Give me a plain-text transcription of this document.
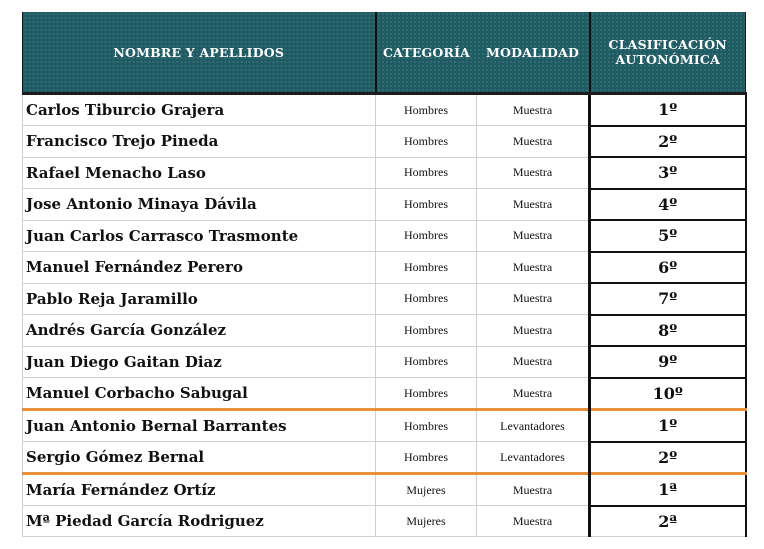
NOMBRE Y APELLIDOS	CATEGORÍA	MODALIDAD	CLASIFICACIÓN
AUTONÓMICA

Carlos Tiburcio Grajera	Hombres	Muestra	1º
Francisco Trejo Pineda	Hombres	Muestra	2º
Rafael Menacho Laso	Hombres	Muestra	3º
Jose Antonio Minaya Dávila	Hombres	Muestra	4º
Juan Carlos Carrasco Trasmonte	Hombres	Muestra	5º
Manuel Fernández Perero	Hombres	Muestra	6º
Pablo Reja Jaramillo	Hombres	Muestra	7º
Andrés García González	Hombres	Muestra	8º
Juan Diego Gaitan Diaz	Hombres	Muestra	9º
Manuel Corbacho Sabugal	Hombres	Muestra	10º
Juan Antonio Bernal Barrantes	Hombres	Levantadores	1º
Sergio Gómez Bernal	Hombres	Levantadores	2º
María Fernández Ortíz	Mujeres	Muestra	1ª
Mª Piedad García Rodriguez	Mujeres	Muestra	2ª
